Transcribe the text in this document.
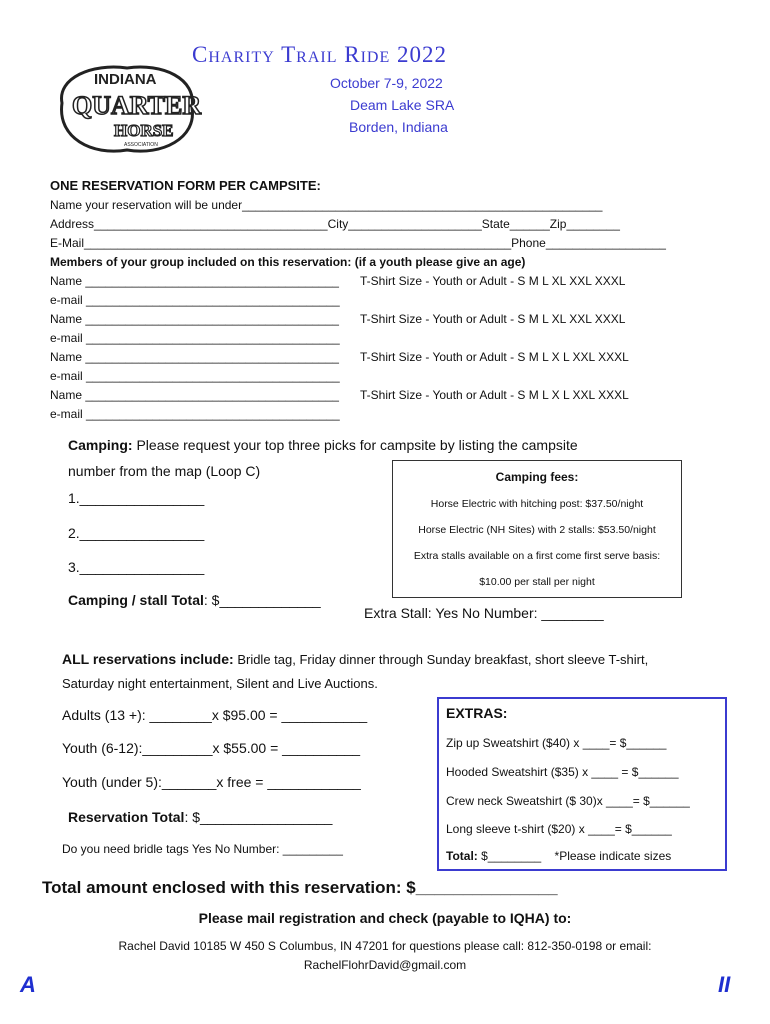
INDIANA
QUARTER
HORSE
ASSOCIATION
Charity Trail Ride 2022
October 7-9, 2022
Deam Lake SRA
Borden, Indiana
ONE RESERVATION FORM PER CAMPSITE:
Name your reservation will be under______________________________________________________
Address___________________________________City____________________State______Zip________
E-Mail________________________________________________________________Phone__________________
Members of your group included on this reservation: (if a youth please give an age)
Name ______________________________________ T-Shirt Size - Youth or Adult - S M L XL XXL XXXL
e-mail ______________________________________
Name ______________________________________ T-Shirt Size - Youth or Adult - S M L XL XXL XXXL
e-mail ______________________________________
Name ______________________________________ T-Shirt Size - Youth or Adult - S M L X L XXL XXXL
e-mail ______________________________________
Name ______________________________________ T-Shirt Size - Youth or Adult - S M L X L XXL XXXL
e-mail ______________________________________
Camping: Please request your top three picks for campsite by listing the campsite
number from the map (Loop C)
1.________________
2.________________
3.________________
Camping / stall Total: $_____________
Camping fees:
Horse Electric with hitching post: $37.50/night
Horse Electric (NH Sites) with 2 stalls: $53.50/night
Extra stalls available on a first come first serve basis:
$10.00 per stall per night
Extra Stall: Yes No Number: ________
ALL reservations include: Bridle tag, Friday dinner through Sunday breakfast, short sleeve T-shirt,
Saturday night entertainment, Silent and Live Auctions.
Adults (13 +): ________x $95.00 = ___________
Youth (6-12):_________x $55.00 = __________
Youth (under 5):_______x free = ____________
Reservation Total: $_________________
Do you need bridle tags Yes No Number: _________
EXTRAS:
Zip up Sweatshirt ($40) x ____= $______
Hooded Sweatshirt ($35) x ____ = $______
Crew neck Sweatshirt ($ 30)x ____= $______
Long sleeve t-shirt ($20) x ____= $______
Total: $________ *Please indicate sizes
Total amount enclosed with this reservation: $_______________
Please mail registration and check (payable to IQHA) to:
Rachel David 10185 W 450 S Columbus, IN 47201 for questions please call: 812-350-0198 or email:
RachelFlohrDavid@gmail.com
A	II
